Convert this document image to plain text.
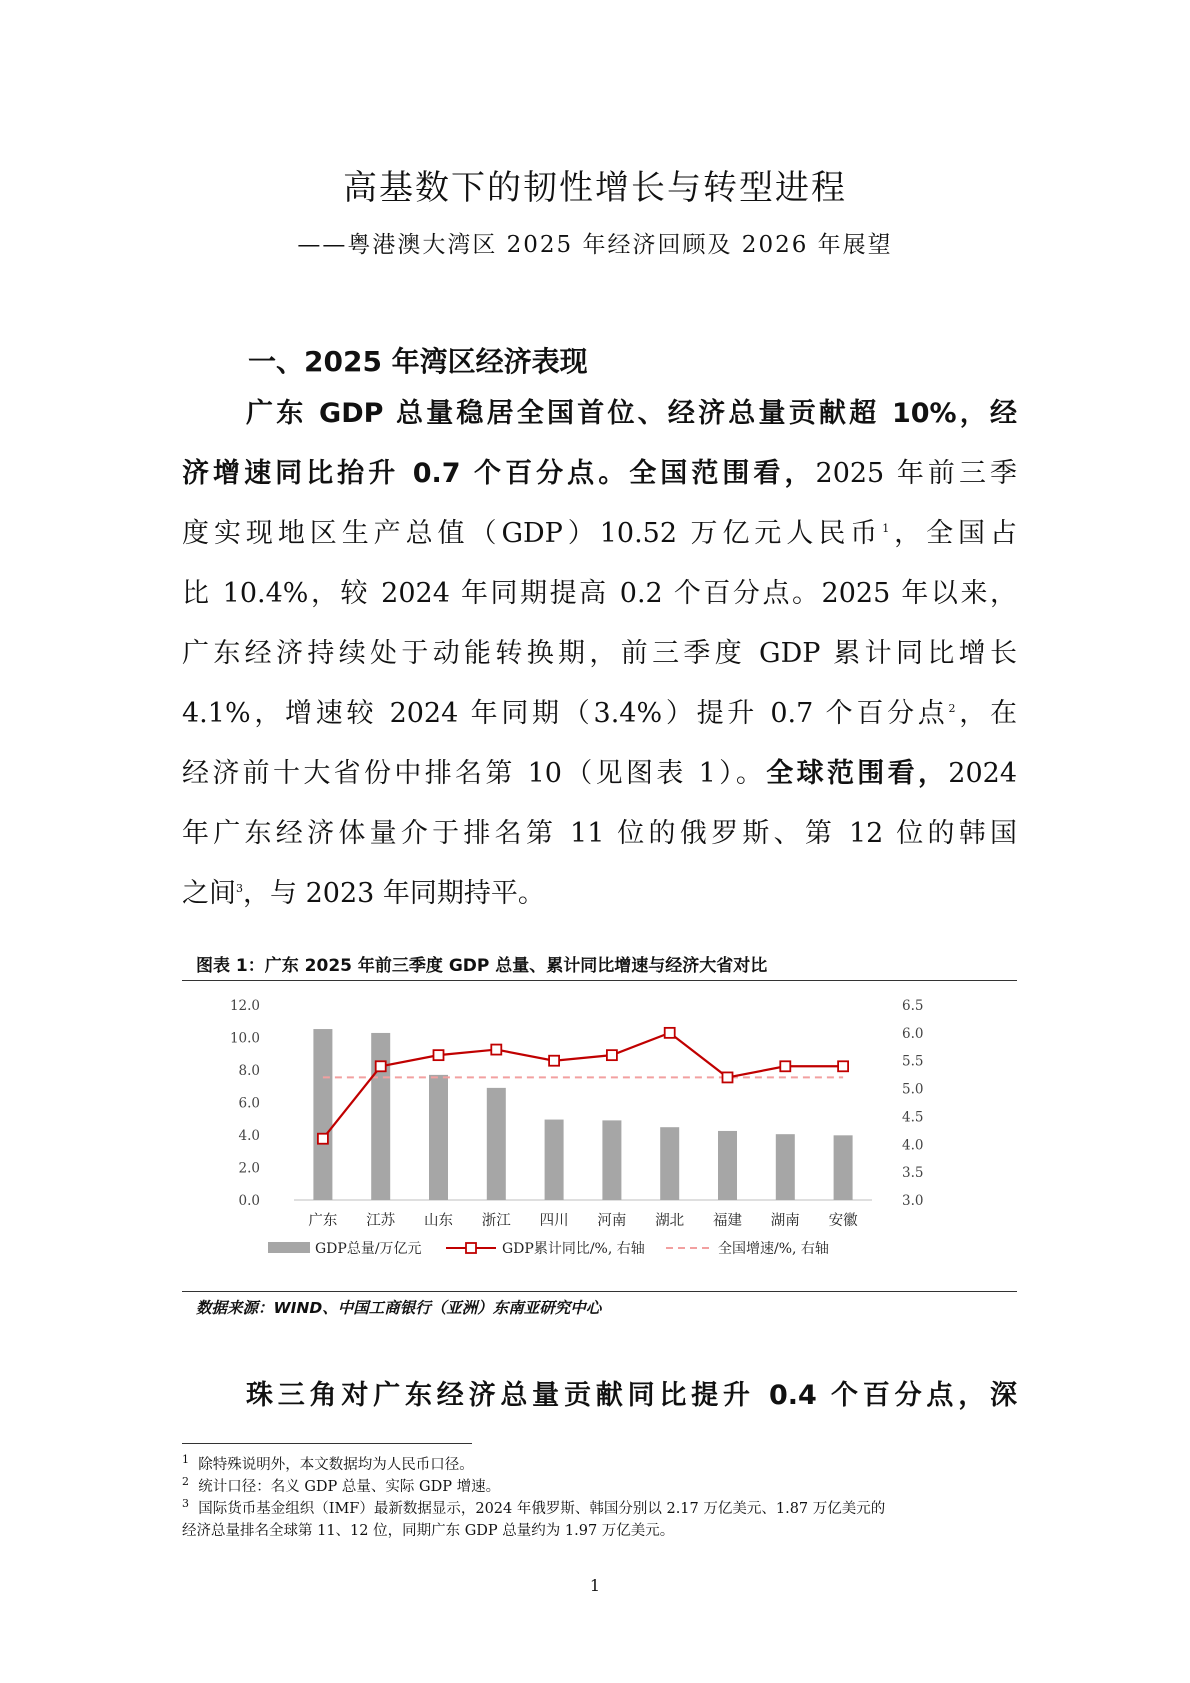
高基数下的韧性增长与转型进程
——粤港澳大湾区 2025 年经济回顾及 2026 年展望
一、2025 年湾区经济表现
广东 GDP 总量稳居全国首位、经济总量贡献超 10%，经
济增速同比抬升 0.7 个百分点。全国范围看，2025 年前三季
度实现地区生产总值（GDP）10.52 万亿元人民币$^1$，全国占
比 10.4%，较 2024 年同期提高 0.2 个百分点。2025 年以来，
广东经济持续处于动能转换期，前三季度 GDP 累计同比增长
4.1%，增速较 2024 年同期（3.4%）提升 0.7 个百分点$^2$，在
经济前十大省份中排名第 10（见图表 1）。全球范围看，2024
年广东经济体量介于排名第 11 位的俄罗斯、第 12 位的韩国
之间$^3$，与 2023 年同期持平。
图表 1：广东 2025 年前三季度 GDP 总量、累计同比增速与经济大省对比
0.0
2.0
4.0
6.0
8.0
10.0
12.0
3.0
3.5
4.0
4.5
5.0
5.5
6.0
6.5
广东 江苏 山东 浙江 四川 河南 湖北 福建 湖南 安徽
GDP总量/万亿元	GDP累计同比/%, 右轴	全国增速/%, 右轴
数据来源：WIND、中国工商银行（亚洲）东南亚研究中心
珠三角对广东经济总量贡献同比提升 0.4 个百分点，深
$^1$ 除特殊说明外，本文数据均为人民币口径。
$^2$ 统计口径：名义 GDP 总量、实际 GDP 增速。
$^3$ 国际货币基金组织（IMF）最新数据显示，2024 年俄罗斯、韩国分别以 2.17 万亿美元、1.87 万亿美元的
经济总量排名全球第 11、12 位，同期广东 GDP 总量约为 1.97 万亿美元。
1
